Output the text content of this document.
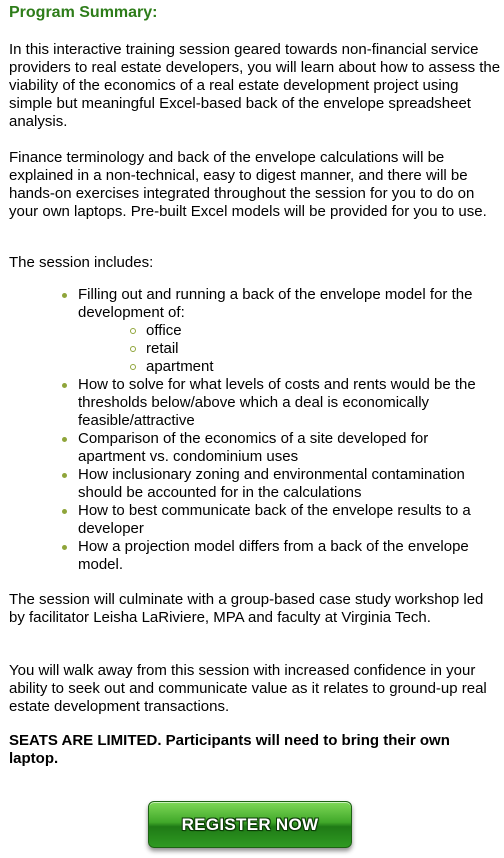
Program Summary:

In this interactive training session geared towards non-financial service providers to real estate developers, you will learn about how to assess the viability of the economics of a real estate development project using simple but meaningful Excel-based back of the envelope spreadsheet analysis.

Finance terminology and back of the envelope calculations will be explained in a non-technical, easy to digest manner, and there will be hands-on exercises integrated throughout the session for you to do on your own laptops. Pre-built Excel models will be provided for you to use.

The session includes:

Filling out and running a back of the envelope model for the development of:
office
retail
apartment
How to solve for what levels of costs and rents would be the thresholds below/above which a deal is economically feasible/attractive
Comparison of the economics of a site developed for apartment vs. condominium uses
How inclusionary zoning and environmental contamination should be accounted for in the calculations
How to best communicate back of the envelope results to a developer
How a projection model differs from a back of the envelope model.

The session will culminate with a group-based case study workshop led by facilitator Leisha LaRiviere, MPA and faculty at Virginia Tech.

You will walk away from this session with increased confidence in your ability to seek out and communicate value as it relates to ground-up real estate development transactions.

SEATS ARE LIMITED. Participants will need to bring their own laptop.

REGISTER NOW
